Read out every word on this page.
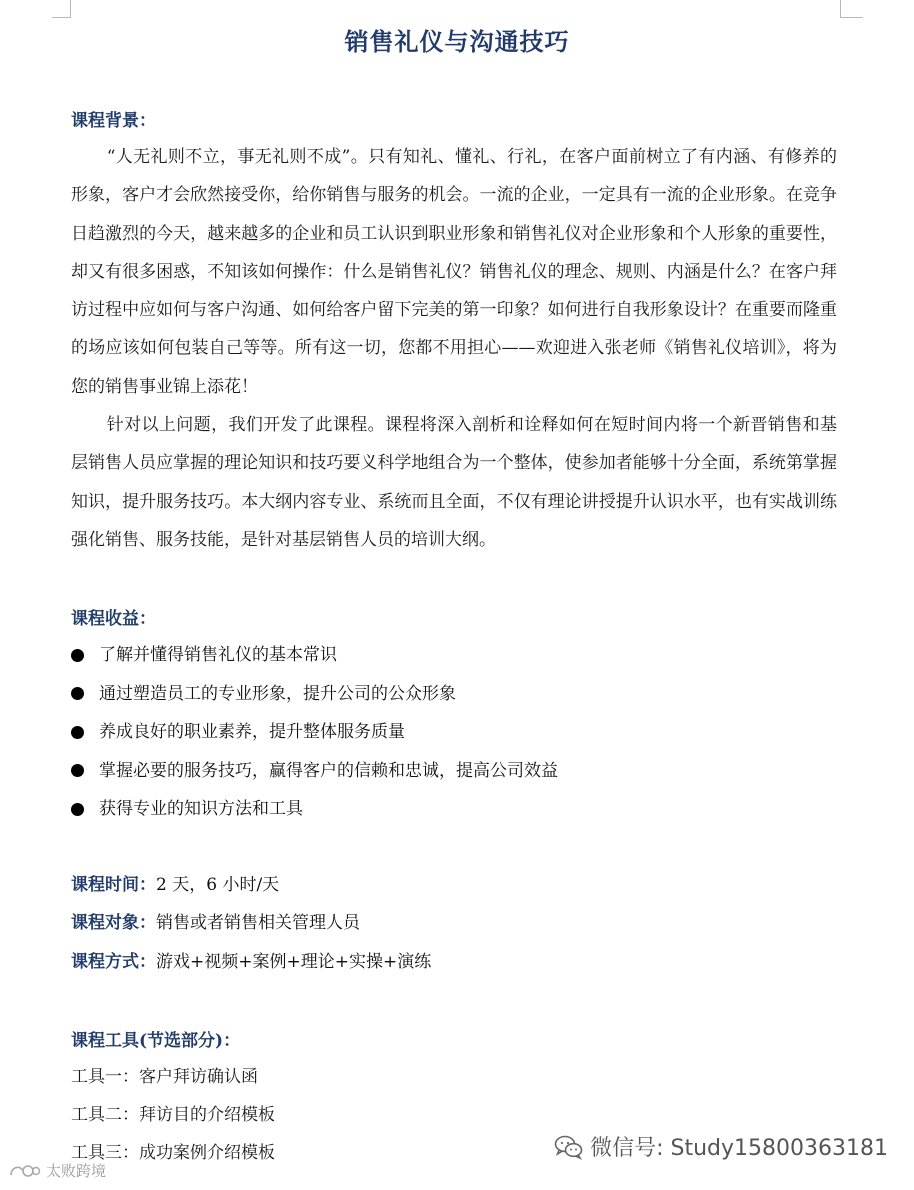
销售礼仪与沟通技巧
课程背景：

“人无礼则不立，事无礼则不成”。只有知礼、懂礼、行礼，在客户面前树立了有内涵、有修养的形象，客户才会欣然接受你，给你销售与服务的机会。一流的企业，一定具有一流的企业形象。在竞争日趋激烈的今天，越来越多的企业和员工认识到职业形象和销售礼仪对企业形象和个人形象的重要性，却又有很多困惑，不知该如何操作：什么是销售礼仪？销售礼仪的理念、规则、内涵是什么？在客户拜访过程中应如何与客户沟通、如何给客户留下完美的第一印象？如何进行自我形象设计？在重要而隆重的场应该如何包装自己等等。所有这一切，您都不用担心——欢迎进入张老师《销售礼仪培训》，将为您的销售事业锦上添花！

针对以上问题，我们开发了此课程。课程将深入剖析和诠释如何在短时间内将一个新晋销售和基层销售人员应掌握的理论知识和技巧要义科学地组合为一个整体，使参加者能够十分全面，系统第掌握知识，提升服务技巧。本大纲内容专业、系统而且全面，不仅有理论讲授提升认识水平，也有实战训练强化销售、服务技能，是针对基层销售人员的培训大纲。

课程收益：
了解并懂得销售礼仪的基本常识
通过塑造员工的专业形象，提升公司的公众形象
养成良好的职业素养，提升整体服务质量
掌握必要的服务技巧，赢得客户的信赖和忠诚，提高公司效益
获得专业的知识方法和工具
课程时间：2 天，6 小时/天
课程对象：销售或者销售相关管理人员
课程方式：游戏+视频+案例+理论+实操+演练
课程工具(节选部分)：
工具一：客户拜访确认函
工具二：拜访目的介绍模板
工具三：成功案例介绍模板	微信号: Study15800363181
太败跨境
